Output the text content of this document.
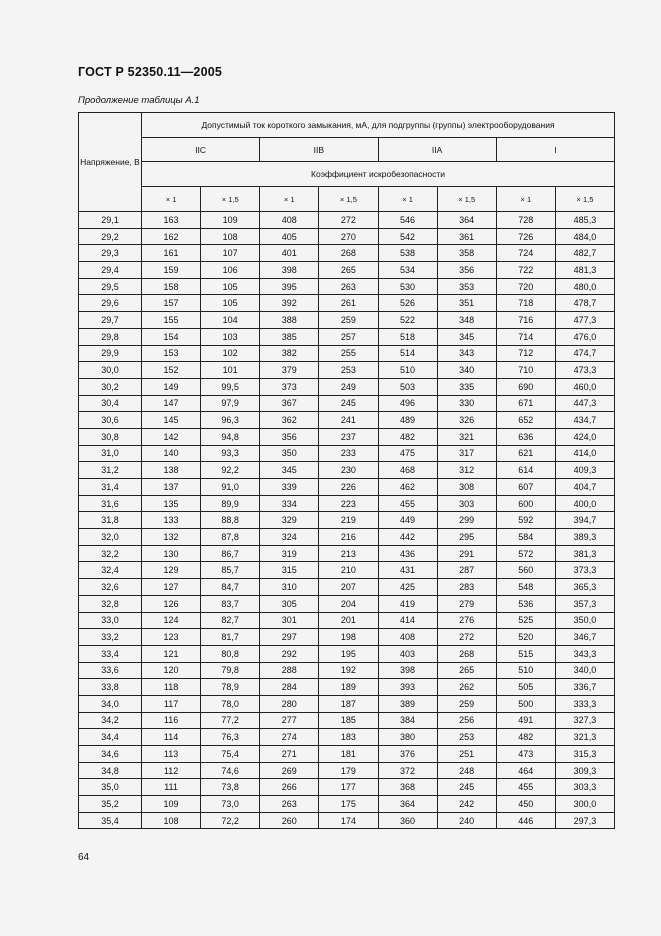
ГОСТ Р 52350.11—2005
Продолжение таблицы А.1
Напряжение, В	Допустимый ток короткого замыкания, мА, для подгруппы (группы) электрооборудования							
	IIC		IIB		IIA		I	
	Коэффициент искробезопасности							
	× 1	× 1,5	× 1	× 1,5	× 1	× 1,5	× 1	× 1,5
29,1	163	109	408	272	546	364	728	485,3
29,2	162	108	405	270	542	361	726	484,0
29,3	161	107	401	268	538	358	724	482,7
29,4	159	106	398	265	534	356	722	481,3
29,5	158	105	395	263	530	353	720	480,0
29,6	157	105	392	261	526	351	718	478,7
29,7	155	104	388	259	522	348	716	477,3
29,8	154	103	385	257	518	345	714	476,0
29,9	153	102	382	255	514	343	712	474,7
30,0	152	101	379	253	510	340	710	473,3
30,2	149	99,5	373	249	503	335	690	460,0
30,4	147	97,9	367	245	496	330	671	447,3
30,6	145	96,3	362	241	489	326	652	434,7
30,8	142	94,8	356	237	482	321	636	424,0
31,0	140	93,3	350	233	475	317	621	414,0
31,2	138	92,2	345	230	468	312	614	409,3
31,4	137	91,0	339	226	462	308	607	404,7
31,6	135	89,9	334	223	455	303	600	400,0
31,8	133	88,8	329	219	449	299	592	394,7
32,0	132	87,8	324	216	442	295	584	389,3
32,2	130	86,7	319	213	436	291	572	381,3
32,4	129	85,7	315	210	431	287	560	373,3
32,6	127	84,7	310	207	425	283	548	365,3
32,8	126	83,7	305	204	419	279	536	357,3
33,0	124	82,7	301	201	414	276	525	350,0
33,2	123	81,7	297	198	408	272	520	346,7
33,4	121	80,8	292	195	403	268	515	343,3
33,6	120	79,8	288	192	398	265	510	340,0
33,8	118	78,9	284	189	393	262	505	336,7
34,0	117	78,0	280	187	389	259	500	333,3
34,2	116	77,2	277	185	384	256	491	327,3
34,4	114	76,3	274	183	380	253	482	321,3
34,6	113	75,4	271	181	376	251	473	315,3
34,8	112	74,6	269	179	372	248	464	309,3
35,0	111	73,8	266	177	368	245	455	303,3
35,2	109	73,0	263	175	364	242	450	300,0
35,4	108	72,2	260	174	360	240	446	297,3
64
